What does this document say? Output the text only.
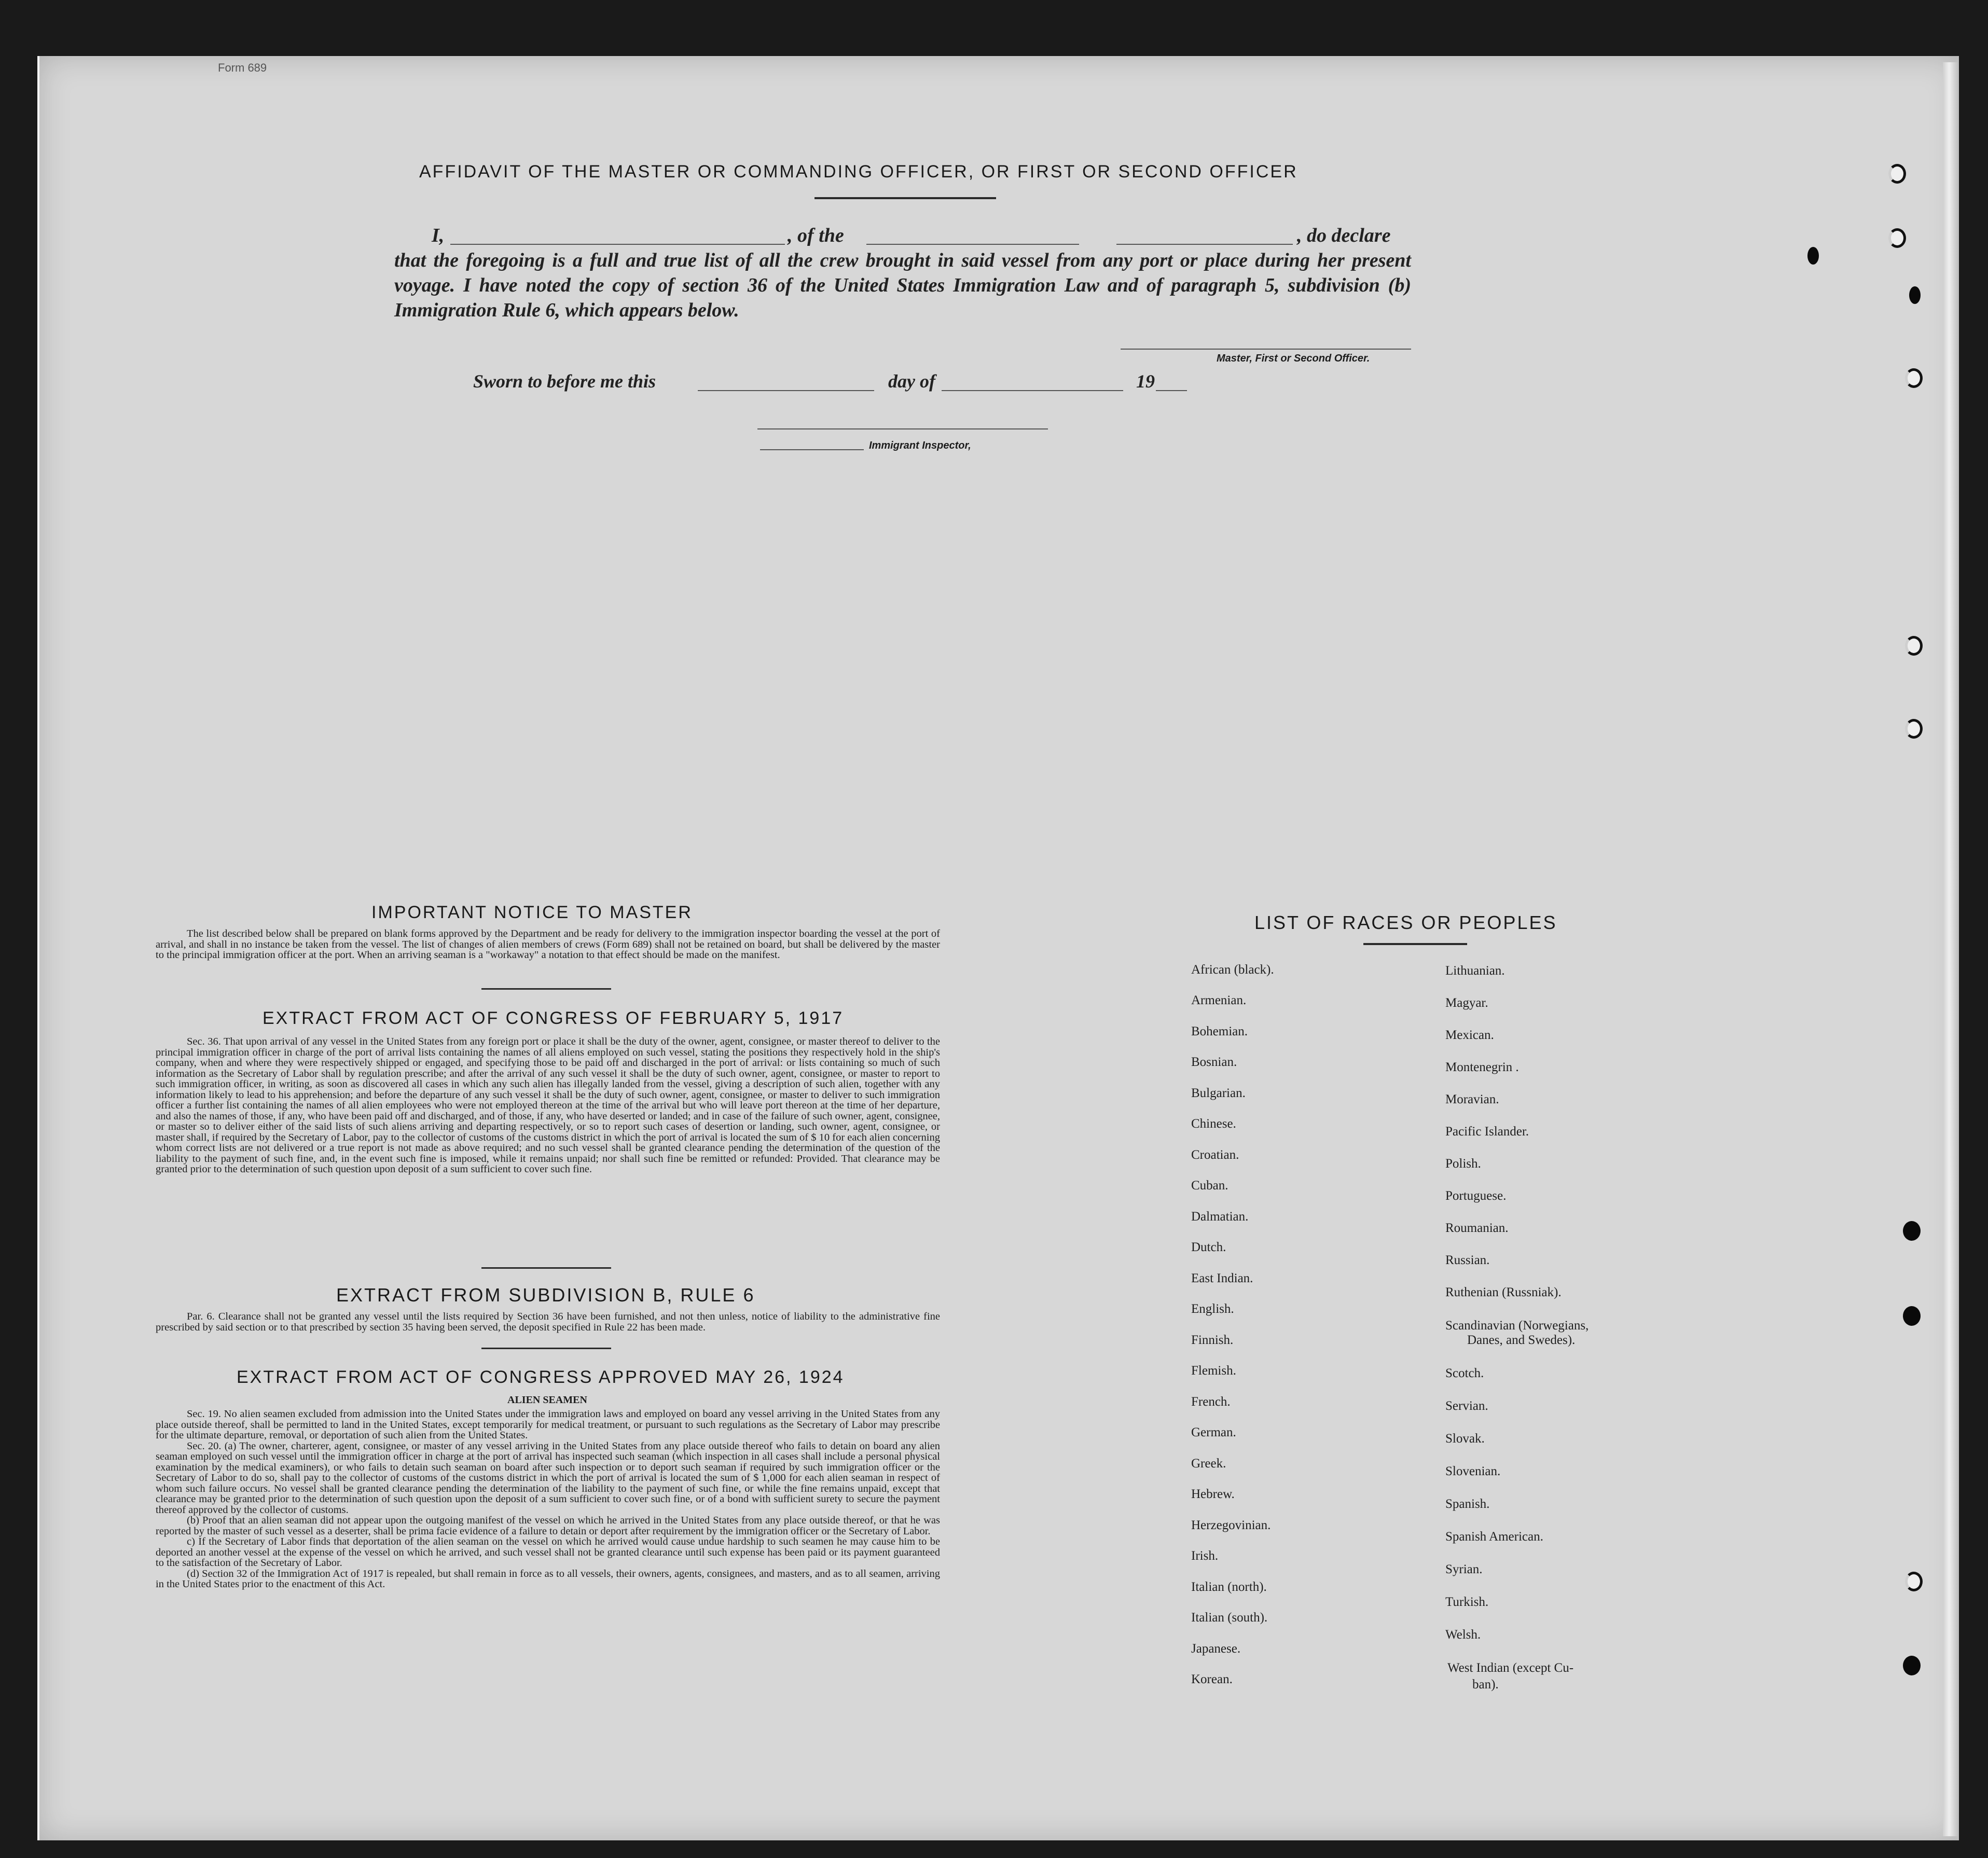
Form 689
AFFIDAVIT OF THE MASTER OR COMMANDING OFFICER, OR FIRST OR SECOND OFFICER
I,	, of the	, do declare
that the foregoing is a full and true list of all the crew brought in said vessel from any port or place during her present voyage. I have noted the copy of section 36 of the United States Immigration Law and of paragraph 5, subdivision (b) Immigration Rule 6, which appears below.
Master, First or Second Officer.
Sworn to before me this	day of	19
Immigrant Inspector,
IMPORTANT NOTICE TO MASTER

The list described below shall be prepared on blank forms approved by the Department and be ready for delivery to the immigration inspector boarding the vessel at the port of arrival, and shall in no instance be taken from the vessel. The list of changes of alien members of crews (Form 689) shall not be retained on board, but shall be delivered by the master to the principal immigration officer at the port. When an arriving seaman is a "workaway" a notation to that effect should be made on the manifest.

EXTRACT FROM ACT OF CONGRESS OF FEBRUARY 5, 1917

Sec. 36. That upon arrival of any vessel in the United States from any foreign port or place it shall be the duty of the owner, agent, consignee, or master thereof to deliver to the principal immigration officer in charge of the port of arrival lists containing the names of all aliens employed on such vessel, stating the positions they respectively hold in the ship's company, when and where they were respectively shipped or engaged, and specifying those to be paid off and discharged in the port of arrival: or lists containing so much of such information as the Secretary of Labor shall by regulation prescribe; and after the arrival of any such vessel it shall be the duty of such owner, agent, consignee, or master to report to such immigration officer, in writing, as soon as discovered all cases in which any such alien has illegally landed from the vessel, giving a description of such alien, together with any information likely to lead to his apprehension; and before the departure of any such vessel it shall be the duty of such owner, agent, consignee, or master to deliver to such immigration officer a further list containing the names of all alien employees who were not employed thereon at the time of the arrival but who will leave port thereon at the time of her departure, and also the names of those, if any, who have been paid off and discharged, and of those, if any, who have deserted or landed; and in case of the failure of such owner, agent, consignee, or master so to deliver either of the said lists of such aliens arriving and departing respectively, or so to report such cases of desertion or landing, such owner, agent, consignee, or master shall, if required by the Secretary of Labor, pay to the collector of customs of the customs district in which the port of arrival is located the sum of $ 10 for each alien concerning whom correct lists are not delivered or a true report is not made as above required; and no such vessel shall be granted clearance pending the determination of the question of the liability to the payment of such fine, and, in the event such fine is imposed, while it remains unpaid; nor shall such fine be remitted or refunded: Provided. That clearance may be granted prior to the determination of such question upon deposit of a sum sufficient to cover such fine.

EXTRACT FROM SUBDIVISION B, RULE 6

Par. 6. Clearance shall not be granted any vessel until the lists required by Section 36 have been furnished, and not then unless, notice of liability to the administrative fine prescribed by said section or to that prescribed by section 35 having been served, the deposit specified in Rule 22 has been made.

EXTRACT FROM ACT OF CONGRESS APPROVED MAY 26, 1924
ALIEN SEAMEN

Sec. 19. No alien seamen excluded from admission into the United States under the immigration laws and employed on board any vessel arriving in the United States from any place outside thereof, shall be permitted to land in the United States, except temporarily for medical treatment, or pursuant to such regulations as the Secretary of Labor may prescribe for the ultimate departure, removal, or deportation of such alien from the United States.

Sec. 20. (a) The owner, charterer, agent, consignee, or master of any vessel arriving in the United States from any place outside thereof who fails to detain on board any alien seaman employed on such vessel until the immigration officer in charge at the port of arrival has inspected such seaman (which inspection in all cases shall include a personal physical examination by the medical examiners), or who fails to detain such seaman on board after such inspection or to deport such seaman if required by such immigration officer or the Secretary of Labor to do so, shall pay to the collector of customs of the customs district in which the port of arrival is located the sum of $ 1,000 for each alien seaman in respect of whom such failure occurs. No vessel shall be granted clearance pending the determination of the liability to the payment of such fine, or while the fine remains unpaid, except that clearance may be granted prior to the determination of such question upon the deposit of a sum sufficient to cover such fine, or of a bond with sufficient surety to secure the payment thereof approved by the collector of customs.

(b) Proof that an alien seaman did not appear upon the outgoing manifest of the vessel on which he arrived in the United States from any place outside thereof, or that he was reported by the master of such vessel as a deserter, shall be prima facie evidence of a failure to detain or deport after requirement by the immigration officer or the Secretary of Labor.

c) If the Secretary of Labor finds that deportation of the alien seaman on the vessel on which he arrived would cause undue hardship to such seamen he may cause him to be deported an another vessel at the expense of the vessel on which he arrived, and such vessel shall not be granted clearance until such expense has been paid or its payment guaranteed to the satisfaction of the Secretary of Labor.

(d) Section 32 of the Immigration Act of 1917 is repealed, but shall remain in force as to all vessels, their owners, agents, consignees, and masters, and as to all seamen, arriving in the United States prior to the enactment of this Act.

LIST OF RACES OR PEOPLES
African (black).
Armenian.
Bohemian.
Bosnian.
Bulgarian.
Chinese.
Croatian.
Cuban.
Dalmatian.
Dutch.
East Indian.
English.
Finnish.
Flemish.
French.
German.
Greek.
Hebrew.
Herzegovinian.
Irish.
Italian (north).
Italian (south).
Japanese.
Korean.
Lithuanian.
Magyar.
Mexican.
Montenegrin .
Moravian.
Pacific Islander.
Polish.
Portuguese.
Roumanian.
Russian.
Ruthenian (Russniak).
Scandinavian (Norwegians,
Danes, and Swedes).
Scotch.
Servian.
Slovak.
Slovenian.
Spanish.
Spanish American.
Syrian.
Turkish.
Welsh.
West Indian (except Cu-
ban).
